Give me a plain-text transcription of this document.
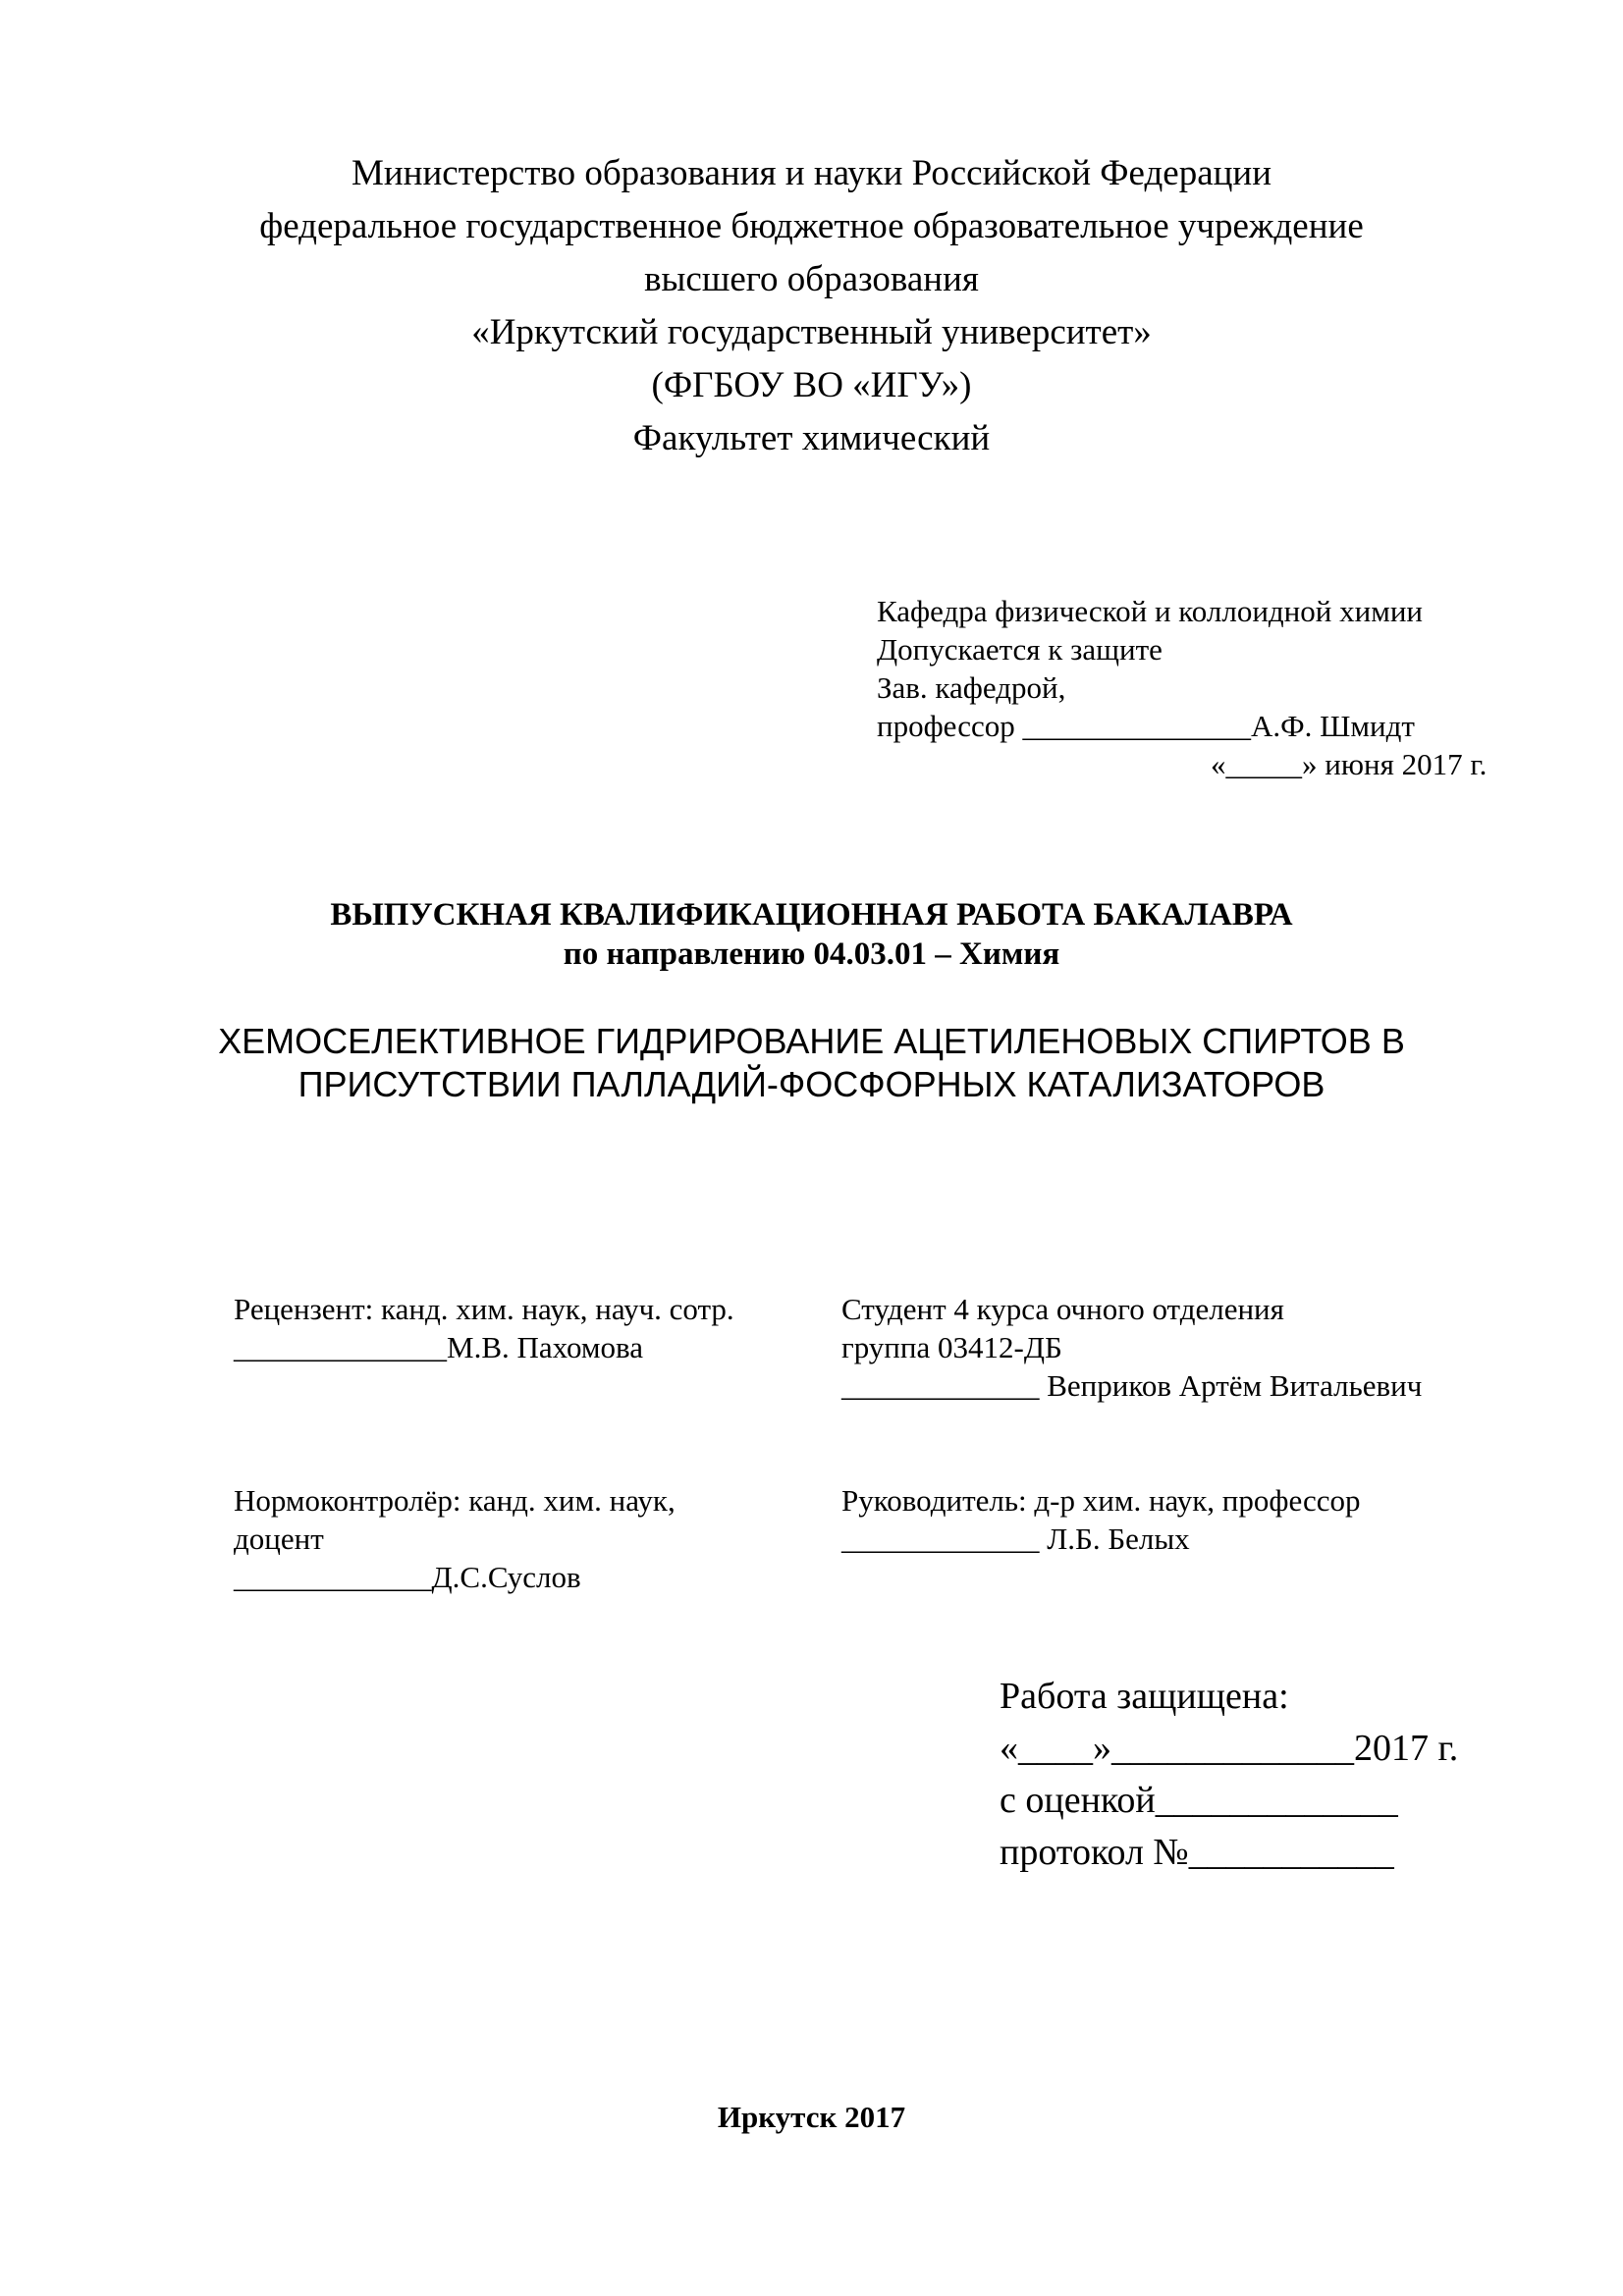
Министерство образования и науки Российской Федерации
федеральное государственное бюджетное образовательное учреждение
высшего образования
«Иркутский государственный университет»
(ФГБОУ ВО «ИГУ»)
Факультет химический
Кафедра физической и коллоидной химии
Допускается к защите
Зав. кафедрой,
профессор _______________А.Ф. Шмидт
«_____» июня 2017 г.
ВЫПУСКНАЯ КВАЛИФИКАЦИОННАЯ РАБОТА БАКАЛАВРА
по направлению 04.03.01 – Химия
ХЕМОСЕЛЕКТИВНОЕ ГИДРИРОВАНИЕ АЦЕТИЛЕНОВЫХ СПИРТОВ В
ПРИСУТСТВИИ ПАЛЛАДИЙ-ФОСФОРНЫХ КАТАЛИЗАТОРОВ
Рецензент: канд. хим. наук, науч. сотр.
______________М.В. Пахомова
Студент 4 курса очного отделения
группа 03412-ДБ
_____________ Веприков Артём Витальевич
Нормоконтролёр: канд. хим. наук,
доцент
_____________Д.С.Суслов
Руководитель: д-р хим. наук, профессор
_____________ Л.Б. Белых
Работа защищена:
«____»_____________2017 г.
с оценкой_____________
протокол №___________
Иркутск 2017
